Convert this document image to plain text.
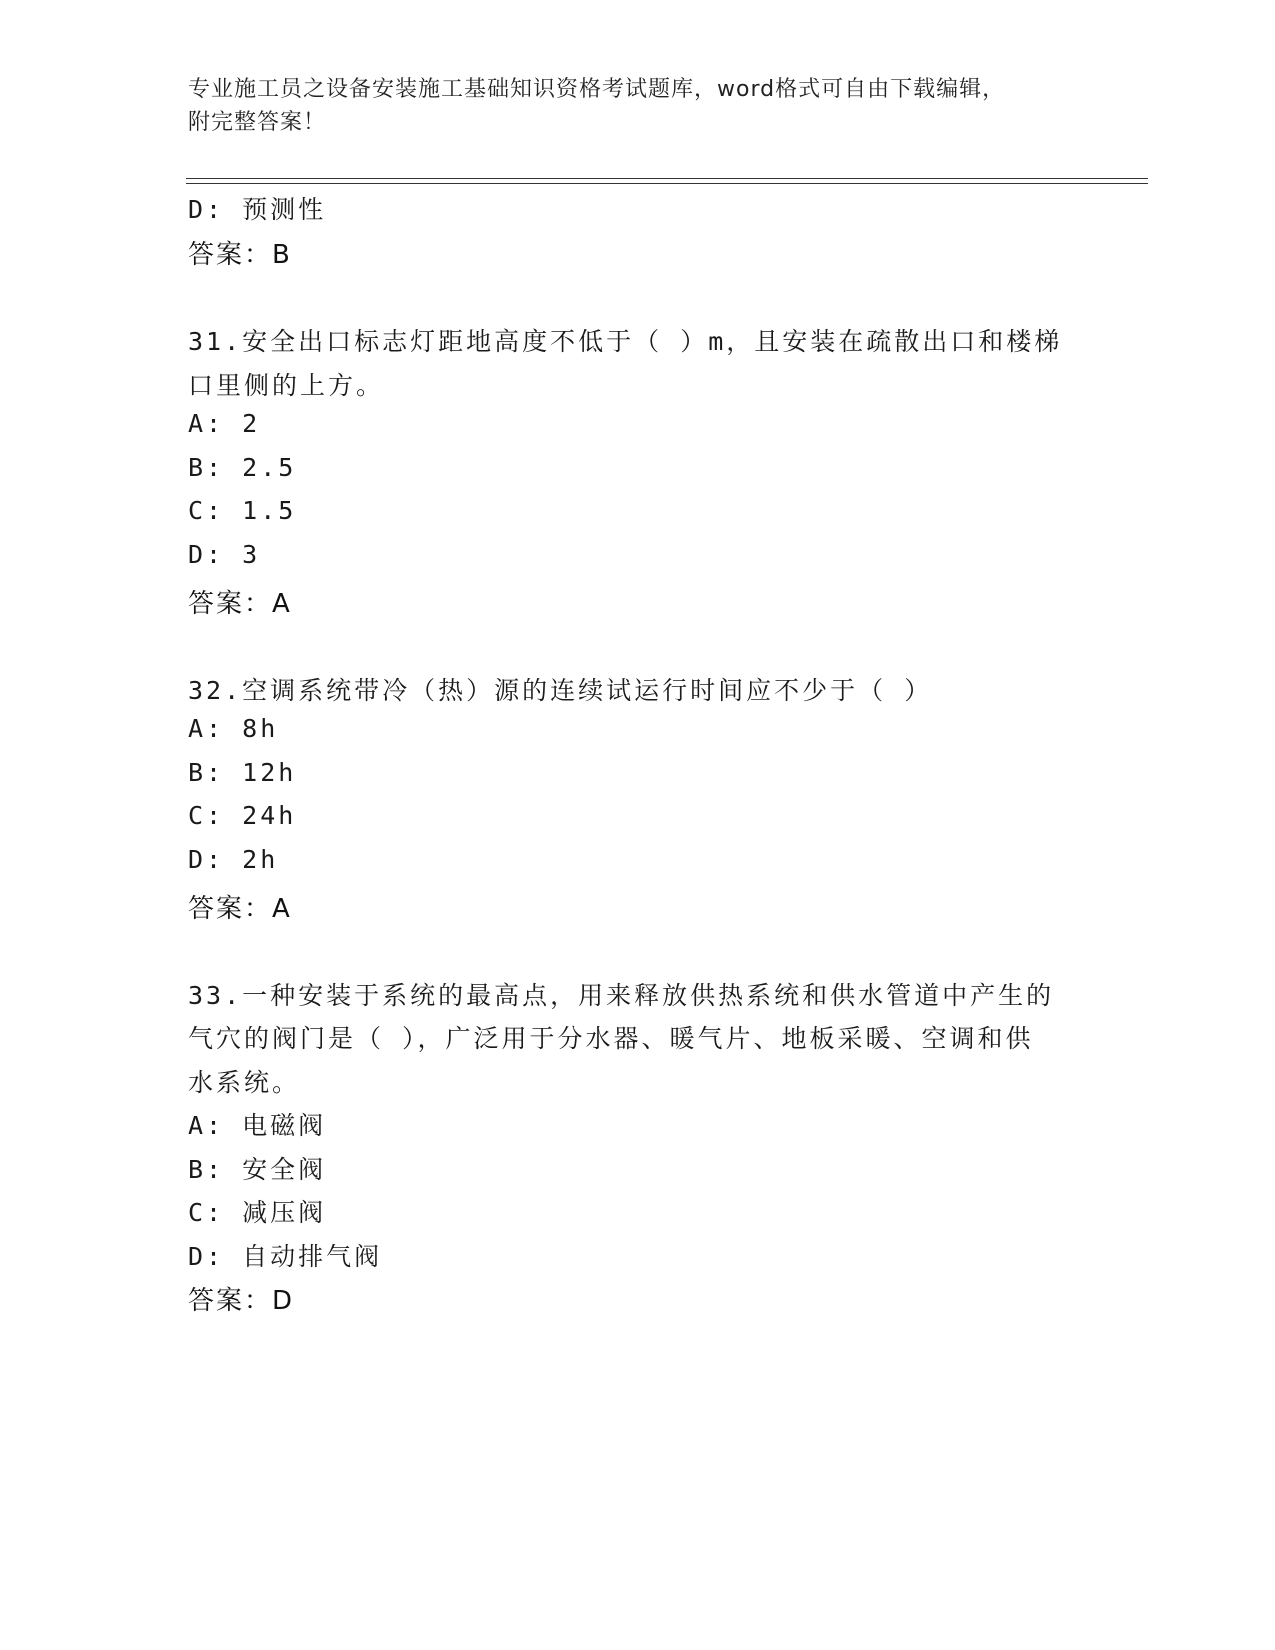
专业施工员之设备安装施工基础知识资格考试题库，word格式可自由下载编辑，
附完整答案！
D: 预测性
答案：B
31.安全出口标志灯距地高度不低于（ ）m，且安装在疏散出口和楼梯
口里侧的上方。
A: 2
B: 2.5
C: 1.5
D: 3
答案：A
32.空调系统带冷（热）源的连续试运行时间应不少于（ ）
A: 8h
B: 12h
C: 24h
D: 2h
答案：A
33.一种安装于系统的最高点，用来释放供热系统和供水管道中产生的
气穴的阀门是（ ），广泛用于分水器、暖气片、地板采暖、空调和供
水系统。
A: 电磁阀
B: 安全阀
C: 减压阀
D: 自动排气阀
答案：D
